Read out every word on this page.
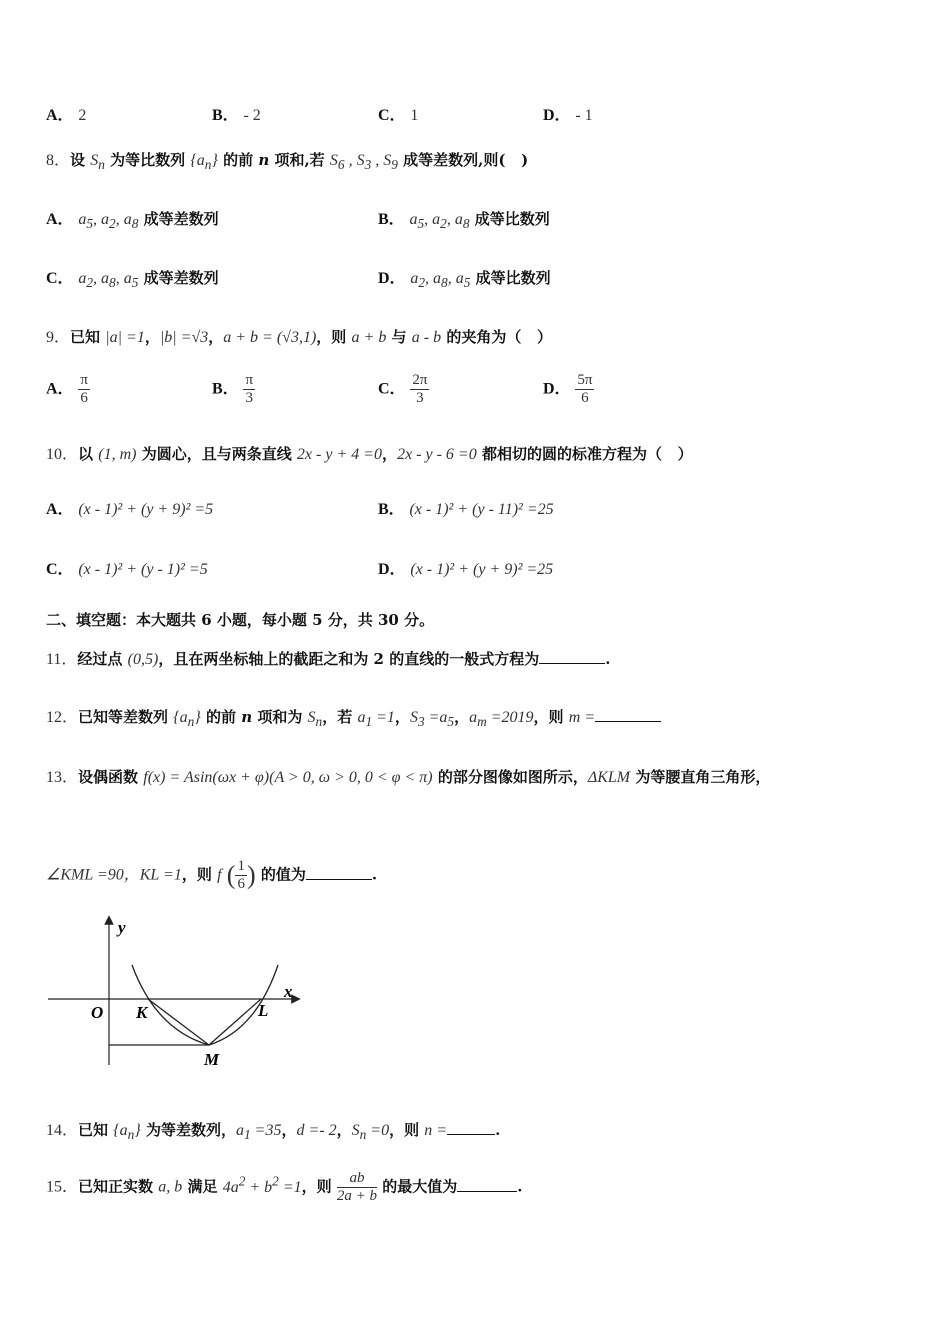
A． 2	B． - 2	C． 1	D． - 1
8．设 $S_n$ 为等比数列 $\{a_n\}$ 的前 n 项和,若 $S_6$ , $S_3$ , $S_9$ 成等差数列,则(   )
A． $a_5$, $a_2$, $a_8$ 成等差数列	B． $a_5$, $a_2$, $a_8$ 成等比数列
C． $a_2$, $a_8$, $a_5$ 成等差数列	D． $a_2$, $a_8$, $a_5$ 成等比数列
9．已知 |a| =1，|b| =√3，a + b = (√3,1)，则 a + b 与 a - b 的夹角为（   ）
A． $\frac{\pi}{6}$	B． $\frac{\pi}{3}$	C． $\frac{2\pi}{3}$	D． $\frac{5\pi}{6}$
10．以 (1, m) 为圆心，且与两条直线 2x - y + 4 =0，2x - y - 6 =0 都相切的圆的标准方程为（   ）
A． (x - 1)² + (y + 9)² =5	B． (x - 1)² + (y - 11)² =25
C． (x - 1)² + (y - 1)² =5	D． (x - 1)² + (y + 9)² =25
二、填空题：本大题共 6 小题，每小题 5 分，共 30 分。
11．经过点 (0,5)，且在两坐标轴上的截距之和为 2 的直线的一般式方程为	.
12．已知等差数列 $\{a_n\}$ 的前 n 项和为 $S_n$，若 $a_1 =1$，$S_3 =a_5$，$a_m =2019$，则 m =
13．设偶函数 f(x) = Asin(ωx + φ)(A > 0, ω > 0, 0 < φ < π) 的部分图像如图所示，ΔKLM 为等腰直角三角形，
∠KML =90，KL =1，则 f ( $\frac{1}{6}$ ) 的值为	.
y
x
O K	L
M
14．已知 $\{a_n\}$ 为等差数列，$a_1 =35$，d =- 2，$S_n =0$，则 n =	.
15．已知正实数 a, b 满足 $4a^2 + b^2 =1$，则 $\frac{ab}{2a + b}$ 的最大值为	.
